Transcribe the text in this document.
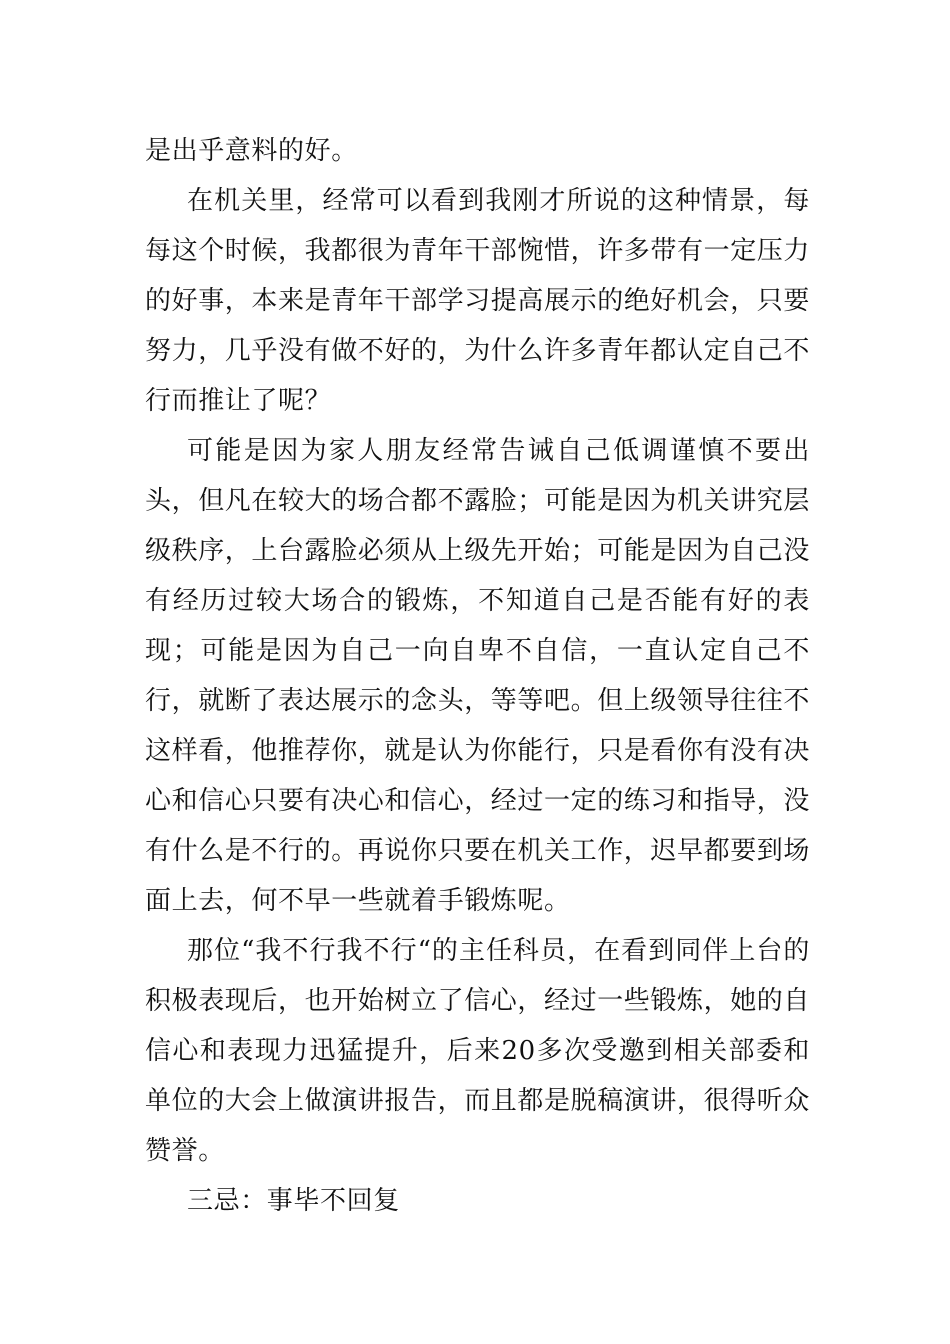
是出乎意料的好。

在机关里，经常可以看到我刚才所说的这种情景，每每这个时候，我都很为青年干部惋惜，许多带有一定压力的好事，本来是青年干部学习提高展示的绝好机会，只要努力，几乎没有做不好的，为什么许多青年都认定自己不行而推让了呢？

可能是因为家人朋友经常告诫自己低调谨慎不要出头，但凡在较大的场合都不露脸；可能是因为机关讲究层级秩序，上台露脸必须从上级先开始；可能是因为自己没有经历过较大场合的锻炼，不知道自己是否能有好的表现；可能是因为自己一向自卑不自信，一直认定自己不行，就断了表达展示的念头，等等吧。但上级领导往往不这样看，他推荐你，就是认为你能行，只是看你有没有决心和信心只要有决心和信心，经过一定的练习和指导，没有什么是不行的。再说你只要在机关工作，迟早都要到场面上去，何不早一些就着手锻炼呢。

那位“我不行我不行“的主任科员，在看到同伴上台的积极表现后，也开始树立了信心，经过一些锻炼，她的自信心和表现力迅猛提升，后来20多次受邀到相关部委和单位的大会上做演讲报告，而且都是脱稿演讲，很得听众赞誉。

三忌：事毕不回复
